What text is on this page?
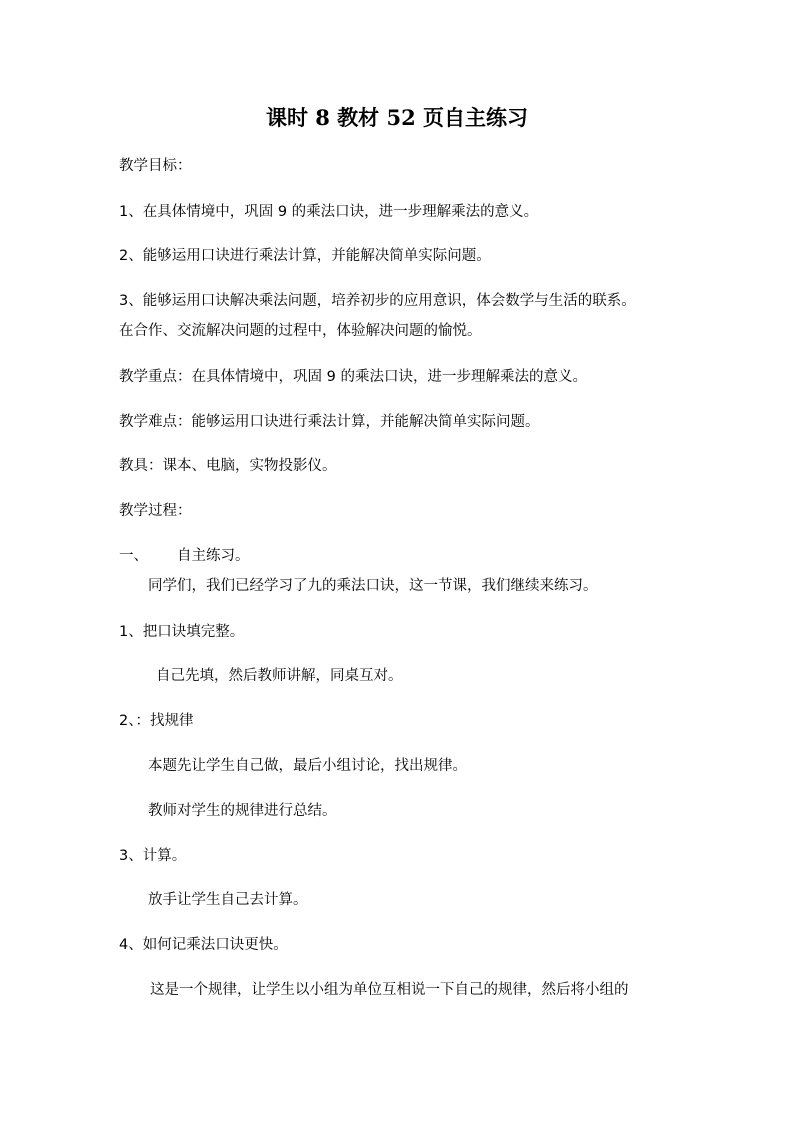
课时 8 教材 52 页自主练习
教学目标：
1、在具体情境中，巩固 9 的乘法口诀，进一步理解乘法的意义。
2、能够运用口诀进行乘法计算，并能解决简单实际问题。
3、能够运用口诀解决乘法问题，培养初步的应用意识，体会数学与生活的联系。
在合作、交流解决问题的过程中，体验解决问题的愉悦。
教学重点：在具体情境中，巩固 9 的乘法口诀，进一步理解乘法的意义。
教学难点：能够运用口诀进行乘法计算，并能解决简单实际问题。
教具：课本、电脑，实物投影仪。
教学过程：
一、 自主练习。
同学们，我们已经学习了九的乘法口诀，这一节课，我们继续来练习。
1、把口诀填完整。
自己先填，然后教师讲解，同桌互对。
2、：找规律
本题先让学生自己做，最后小组讨论，找出规律。
教师对学生的规律进行总结。
3、计算。
放手让学生自己去计算。
4、如何记乘法口诀更快。
这是一个规律，让学生以小组为单位互相说一下自己的规律，然后将小组的
